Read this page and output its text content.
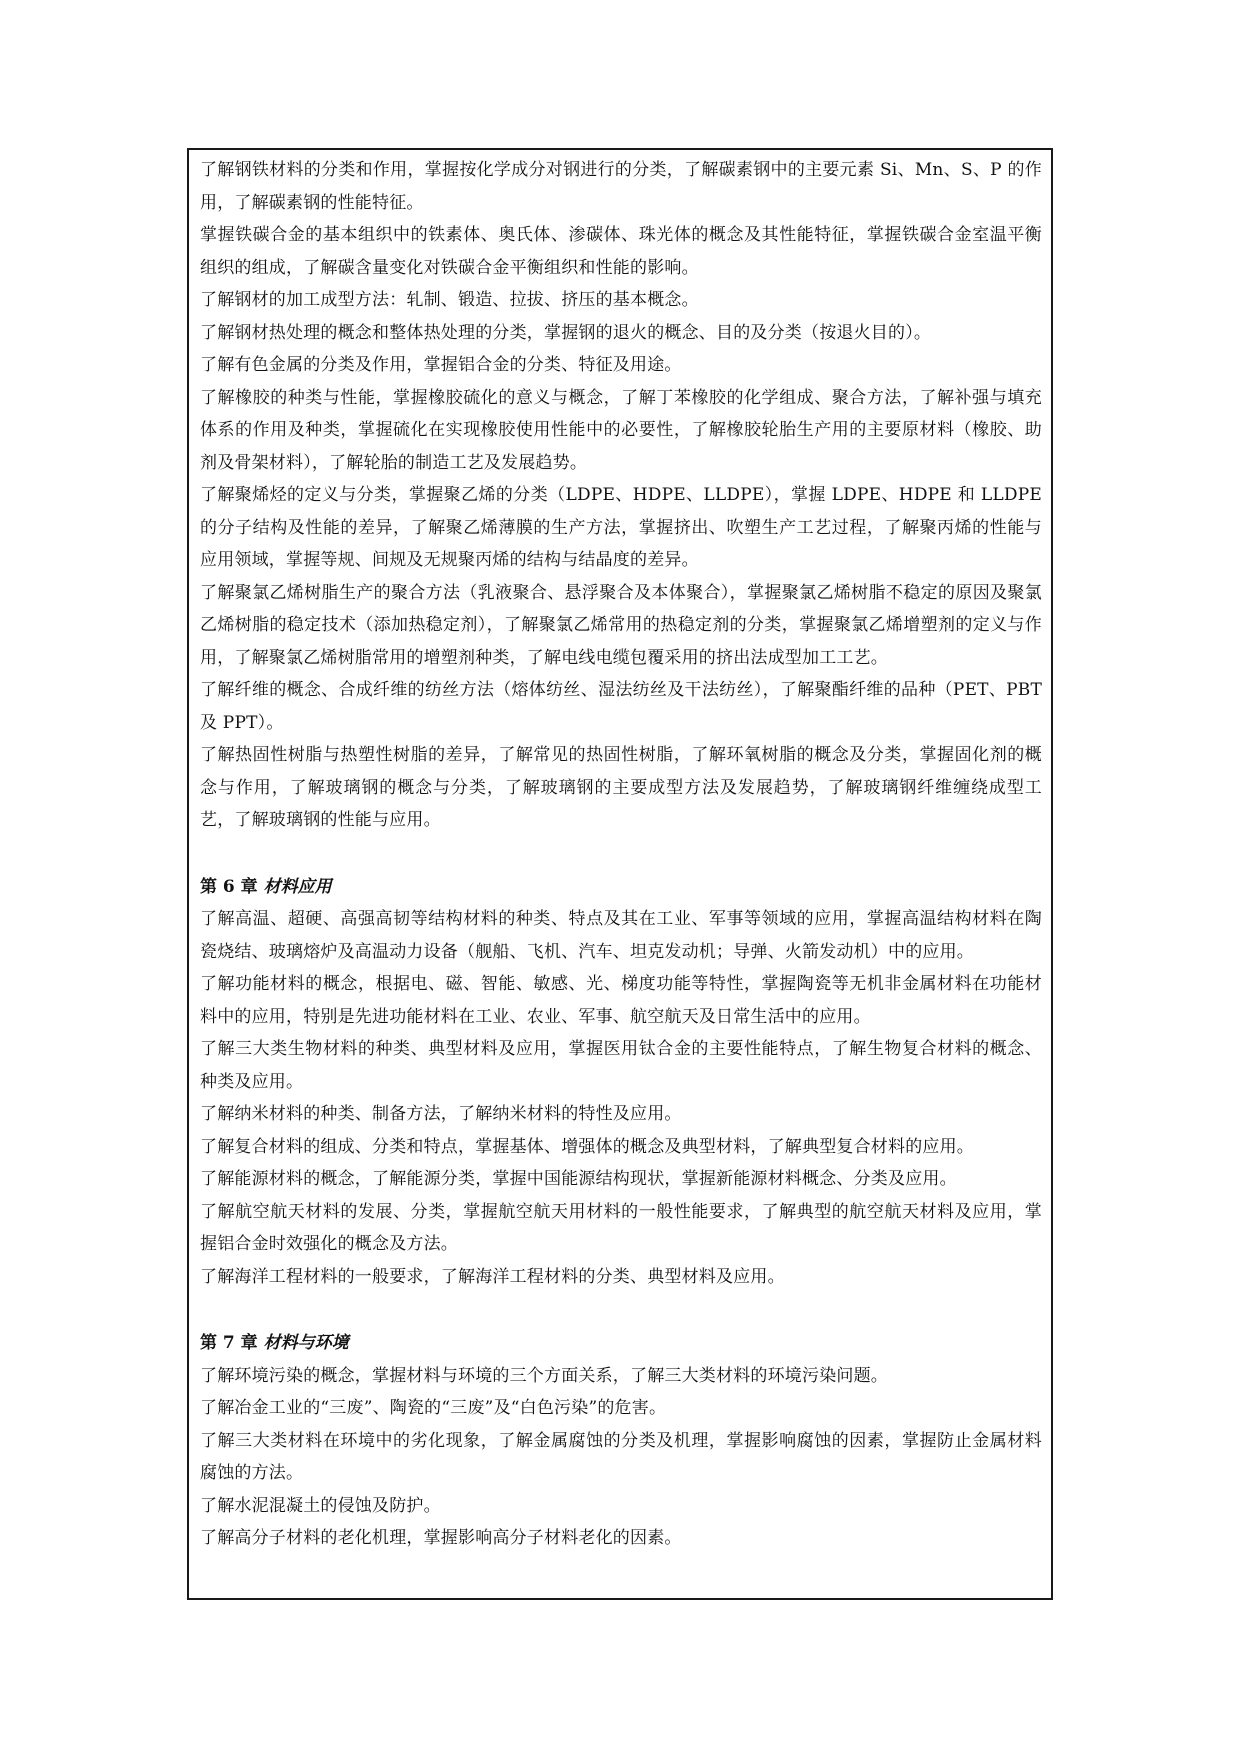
了解钢铁材料的分类和作用，掌握按化学成分对钢进行的分类，了解碳素钢中的主要元素 Si、Mn、S、P 的作用，了解碳素钢的性能特征。

掌握铁碳合金的基本组织中的铁素体、奥氏体、渗碳体、珠光体的概念及其性能特征，掌握铁碳合金室温平衡组织的组成，了解碳含量变化对铁碳合金平衡组织和性能的影响。

了解钢材的加工成型方法：轧制、锻造、拉拔、挤压的基本概念。

了解钢材热处理的概念和整体热处理的分类，掌握钢的退火的概念、目的及分类（按退火目的）。

了解有色金属的分类及作用，掌握铝合金的分类、特征及用途。

了解橡胶的种类与性能，掌握橡胶硫化的意义与概念，了解丁苯橡胶的化学组成、聚合方法，了解补强与填充体系的作用及种类，掌握硫化在实现橡胶使用性能中的必要性，了解橡胶轮胎生产用的主要原材料（橡胶、助剂及骨架材料），了解轮胎的制造工艺及发展趋势。

了解聚烯烃的定义与分类，掌握聚乙烯的分类（LDPE、HDPE、LLDPE），掌握 LDPE、HDPE 和 LLDPE 的分子结构及性能的差异，了解聚乙烯薄膜的生产方法，掌握挤出、吹塑生产工艺过程，了解聚丙烯的性能与应用领域，掌握等规、间规及无规聚丙烯的结构与结晶度的差异。

了解聚氯乙烯树脂生产的聚合方法（乳液聚合、悬浮聚合及本体聚合），掌握聚氯乙烯树脂不稳定的原因及聚氯乙烯树脂的稳定技术（添加热稳定剂），了解聚氯乙烯常用的热稳定剂的分类，掌握聚氯乙烯增塑剂的定义与作用，了解聚氯乙烯树脂常用的增塑剂种类，了解电线电缆包覆采用的挤出法成型加工工艺。

了解纤维的概念、合成纤维的纺丝方法（熔体纺丝、湿法纺丝及干法纺丝），了解聚酯纤维的品种（PET、PBT 及 PPT）。

了解热固性树脂与热塑性树脂的差异，了解常见的热固性树脂，了解环氧树脂的概念及分类，掌握固化剂的概念与作用，了解玻璃钢的概念与分类，了解玻璃钢的主要成型方法及发展趋势，了解玻璃钢纤维缠绕成型工艺，了解玻璃钢的性能与应用。

第 6 章 材料应用

了解高温、超硬、高强高韧等结构材料的种类、特点及其在工业、军事等领域的应用，掌握高温结构材料在陶瓷烧结、玻璃熔炉及高温动力设备（舰船、飞机、汽车、坦克发动机；导弹、火箭发动机）中的应用。

了解功能材料的概念，根据电、磁、智能、敏感、光、梯度功能等特性，掌握陶瓷等无机非金属材料在功能材料中的应用，特别是先进功能材料在工业、农业、军事、航空航天及日常生活中的应用。

了解三大类生物材料的种类、典型材料及应用，掌握医用钛合金的主要性能特点，了解生物复合材料的概念、种类及应用。

了解纳米材料的种类、制备方法，了解纳米材料的特性及应用。

了解复合材料的组成、分类和特点，掌握基体、增强体的概念及典型材料，了解典型复合材料的应用。

了解能源材料的概念，了解能源分类，掌握中国能源结构现状，掌握新能源材料概念、分类及应用。

了解航空航天材料的发展、分类，掌握航空航天用材料的一般性能要求，了解典型的航空航天材料及应用，掌握铝合金时效强化的概念及方法。

了解海洋工程材料的一般要求，了解海洋工程材料的分类、典型材料及应用。

第 7 章 材料与环境

了解环境污染的概念，掌握材料与环境的三个方面关系，了解三大类材料的环境污染问题。

了解冶金工业的“三废”、陶瓷的“三废”及“白色污染”的危害。

了解三大类材料在环境中的劣化现象，了解金属腐蚀的分类及机理，掌握影响腐蚀的因素，掌握防止金属材料腐蚀的方法。

了解水泥混凝土的侵蚀及防护。

了解高分子材料的老化机理，掌握影响高分子材料老化的因素。
